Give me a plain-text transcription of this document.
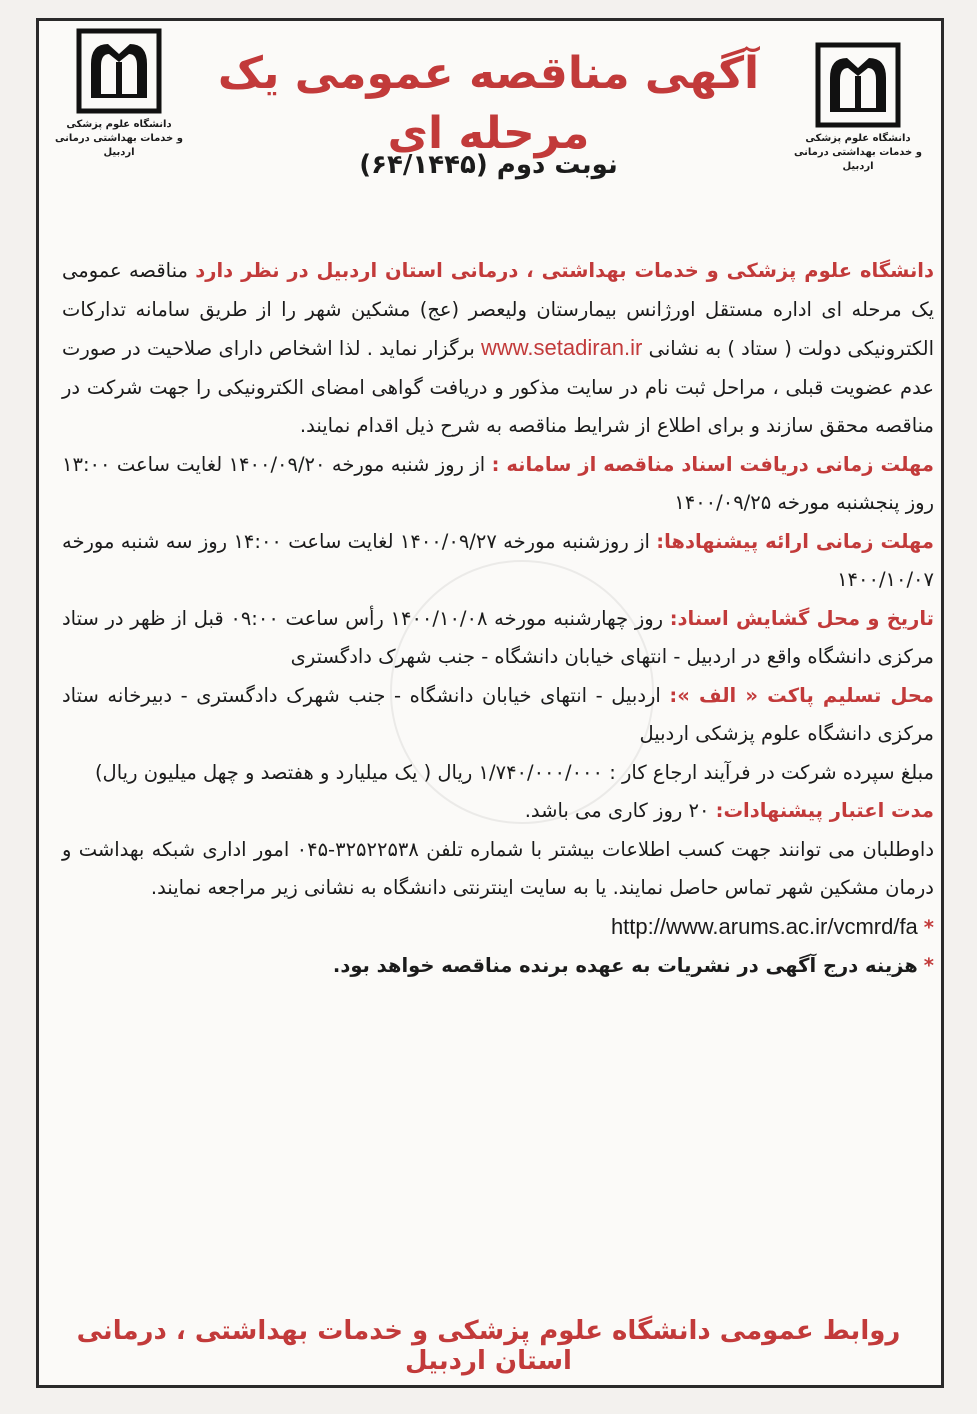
دانشگاه علوم پزشکی
و خدمات بهداشتی درمانی اردبیل
دانشگاه علوم پزشکی
و خدمات بهداشتی درمانی اردبیل
آگهی مناقصه عمومی یک مرحله ای
نوبت دوم (۶۴/۱۴۴۵)

دانشگاه علوم پزشکی و خدمات بهداشتی ، درمانی استان اردبیل در نظر دارد مناقصه عمومی یک مرحله ای اداره مستقل اورژانس بیمارستان ولیعصر (عج) مشکین شهر را از طریق سامانه تدارکات الکترونیکی دولت ( ستاد ) به نشانی www.setadiran.ir برگزار نماید . لذا اشخاص دارای صلاحیت در صورت عدم عضویت قبلی ، مراحل ثبت نام در سایت مذکور و دریافت گواهی امضای الکترونیکی را جهت شرکت در مناقصه محقق سازند و برای اطلاع از شرایط مناقصه به شرح ذیل اقدام نمایند.

مهلت زمانی دریافت اسناد مناقصه از سامانه : از روز شنبه مورخه ۱۴۰۰/۰۹/۲۰ لغایت ساعت ۱۳:۰۰ روز پنجشنبه مورخه ۱۴۰۰/۰۹/۲۵

مهلت زمانی ارائه پیشنهادها: از روزشنبه مورخه ۱۴۰۰/۰۹/۲۷ لغایت ساعت ۱۴:۰۰ روز سه شنبه مورخه ۱۴۰۰/۱۰/۰۷

تاریخ و محل گشایش اسناد: روز چهارشنبه مورخه ۱۴۰۰/۱۰/۰۸ رأس ساعت ۰۹:۰۰ قبل از ظهر در ستاد مرکزی دانشگاه واقع در اردبیل - انتهای خیابان دانشگاه - جنب شهرک دادگستری

محل تسلیم پاکت « الف »: اردبیل - انتهای خیابان دانشگاه - جنب شهرک دادگستری - دبیرخانه ستاد مرکزی دانشگاه علوم پزشکی اردبیل

مبلغ سپرده شرکت در فرآیند ارجاع کار : ۱/۷۴۰/۰۰۰/۰۰۰ ریال ( یک میلیارد و هفتصد و چهل میلیون ریال)

مدت اعتبار پیشنهادات: ۲۰ روز کاری می باشد.

داوطلبان می توانند جهت کسب اطلاعات بیشتر با شماره تلفن ۳۲۵۲۲۵۳۸-۰۴۵ امور اداری شبکه بهداشت و درمان مشکین شهر تماس حاصل نمایند. یا به سایت اینترنتی دانشگاه به نشانی زیر مراجعه نمایند.

*http://www.arums.ac.ir/vcmrd/fa

*هزینه درج آگهی در نشریات به عهده برنده مناقصه خواهد بود.

روابط عمومی دانشگاه علوم پزشکی و خدمات بهداشتی ، درمانی استان اردبیل
